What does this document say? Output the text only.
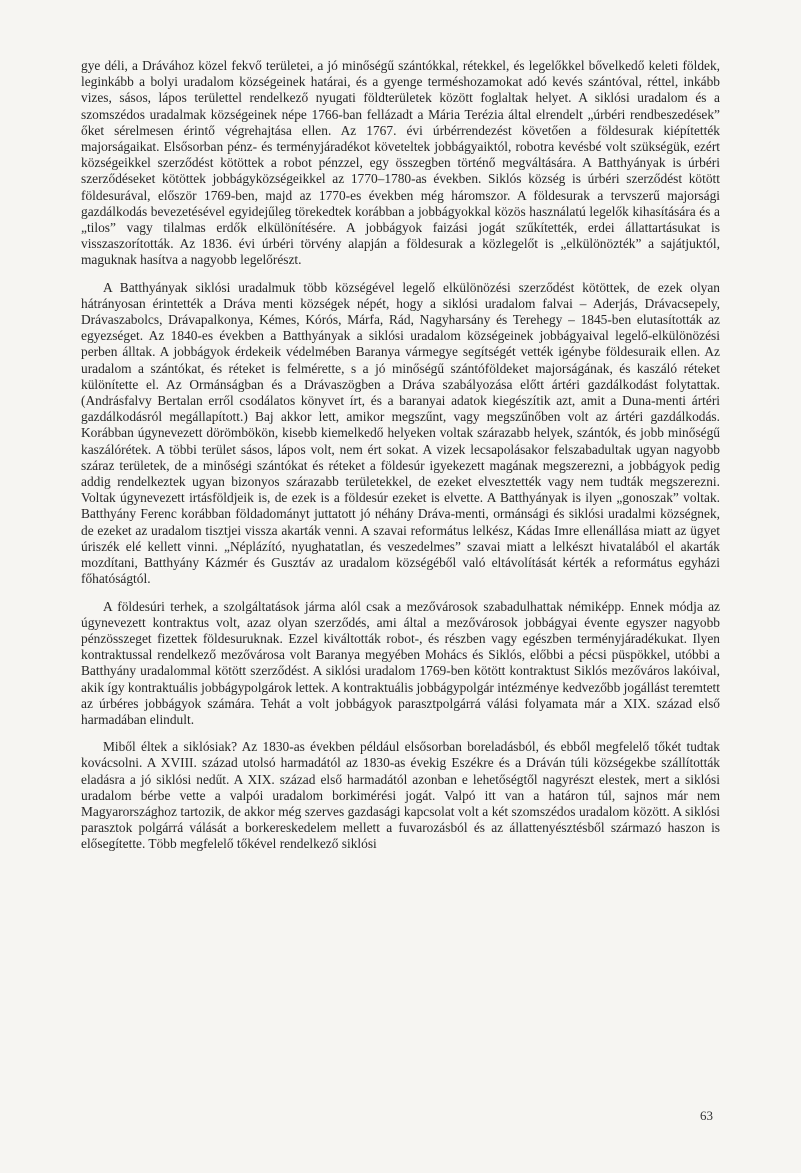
gye déli, a Drávához közel fekvő területei, a jó minőségű szántókkal, rétekkel, és legelőkkel bővelkedő keleti földek, leginkább a bolyi uradalom községeinek határai, és a gyenge terméshozamokat adó kevés szántóval, réttel, inkább vizes, sásos, lápos területtel rendelkező nyugati földterületek között foglaltak helyet. A siklósi uradalom és a szomszédos uradalmak községeinek népe 1766-ban fellázadt a Mária Terézia által elrendelt „úrbéri rendbeszedések” őket sérelmesen érintő végrehajtása ellen. Az 1767. évi úrbérrendezést követően a földesurak kiépítették majorságaikat. Elsősorban pénz- és terményjáradékot követeltek jobbágyaiktól, robotra kevésbé volt szükségük, ezért községeikkel szerződést kötöttek a robot pénzzel, egy összegben történő megváltására. A Batthyányak is úrbéri szerződéseket kötöttek jobbágyközségeikkel az 1770–1780-as években. Siklós község is úrbéri szerződést kötött földesurával, először 1769-ben, majd az 1770-es években még háromszor. A földesurak a tervszerű majorsági gazdálkodás bevezetésével egyidejűleg törekedtek korábban a jobbágyokkal közös használatú legelők kihasítására és a „tilos” vagy tilalmas erdők elkülönítésére. A jobbágyok faizási jogát szűkítették, erdei állattartásukat is visszaszorították. Az 1836. évi úrbéri törvény alapján a földesurak a közlegelőt is „elkülönözték” a sajátjuktól, maguknak hasítva a nagyobb legelőrészt.

A Batthyányak siklósi uradalmuk több községével legelő elkülönözési szerződést kötöttek, de ezek olyan hátrányosan érintették a Dráva menti községek népét, hogy a siklósi uradalom falvai – Aderjás, Drávacsepely, Drávaszabolcs, Drávapalkonya, Kémes, Kórós, Márfa, Rád, Nagyharsány és Terehegy – 1845-ben elutasították az egyezséget. Az 1840-es években a Batthyányak a siklósi uradalom községeinek jobbágyaival legelő-elkülönözési perben álltak. A jobbágyok érdekeik védelmében Baranya vármegye segítségét vették igénybe földesuraik ellen. Az uradalom a szántókat, és réteket is felmérette, s a jó minőségű szántóföldeket majorságának, és kaszáló réteket különítette el. Az Ormánságban és a Drávaszögben a Dráva szabályozása előtt ártéri gazdálkodást folytattak. (Andrásfalvy Bertalan erről csodálatos könyvet írt, és a baranyai adatok kiegészítik azt, amit a Duna-menti ártéri gazdálkodásról megállapított.) Baj akkor lett, amikor megszűnt, vagy megszűnőben volt az ártéri gazdálkodás. Korábban úgynevezett dörömbökön, kisebb kiemelkedő helyeken voltak szárazabb helyek, szántók, és jobb minőségű kaszálórétek. A többi terület sásos, lápos volt, nem ért sokat. A vizek lecsapolásakor felszabadultak ugyan nagyobb száraz területek, de a minőségi szántókat és réteket a földesúr igyekezett magának megszerezni, a jobbágyok pedig addig rendelkeztek ugyan bizonyos szárazabb területekkel, de ezeket elvesztették vagy nem tudták megszerezni. Voltak úgynevezett irtásföldjeik is, de ezek is a földesúr ezeket is elvette. A Batthyányak is ilyen „gonoszak” voltak. Batthyány Ferenc korábban földadományt juttatott jó néhány Dráva-menti, ormánsági és siklósi uradalmi községnek, de ezeket az uradalom tisztjei vissza akarták venni. A szavai református lelkész, Kádas Imre ellenállása miatt az ügyet úriszék elé kellett vinni. „Néplázító, nyughatatlan, és veszedelmes” szavai miatt a lelkészt hivatalából el akarták mozdítani, Batthyány Kázmér és Gusztáv az uradalom községéből való eltávolítását kérték a református egyházi főhatóságtól.

A földesúri terhek, a szolgáltatások járma alól csak a mezővárosok szabadulhattak némiképp. Ennek módja az úgynevezett kontraktus volt, azaz olyan szerződés, ami által a mezővárosok jobbágyai évente egyszer nagyobb pénzösszeget fizettek földesuruknak. Ezzel kiváltották robot-, és részben vagy egészben terményjáradékukat. Ilyen kontraktussal rendelkező mezővárosa volt Baranya megyében Mohács és Siklós, előbbi a pécsi püspökkel, utóbbi a Batthyány uradalommal kötött szerződést. A siklósi uradalom 1769-ben kötött kontraktust Siklós mezőváros lakóival, akik így kontraktuális jobbágypolgárok lettek. A kontraktuális jobbágypolgár intézménye kedvezőbb jogállást teremtett az úrbéres jobbágyok számára. Tehát a volt jobbágyok parasztpolgárrá válási folyamata már a XIX. század első harmadában elindult.

Miből éltek a siklósiak? Az 1830-as években például elsősorban boreladásból, és ebből megfelelő tőkét tudtak kovácsolni. A XVIII. század utolsó harmadától az 1830-as évekig Eszékre és a Dráván túli községekbe szállították eladásra a jó siklósi nedűt. A XIX. század első harmadától azonban e lehetőségtől nagyrészt elestek, mert a siklósi uradalom bérbe vette a valpói uradalom borkimérési jogát. Valpó itt van a határon túl, sajnos már nem Magyarországhoz tartozik, de akkor még szerves gazdasági kapcsolat volt a két szomszédos uradalom között. A siklósi parasztok polgárrá válását a borkereskedelem mellett a fuvarozásból és az állattenyésztésből származó haszon is elősegítette. Több megfelelő tőkével rendelkező siklósi

63
